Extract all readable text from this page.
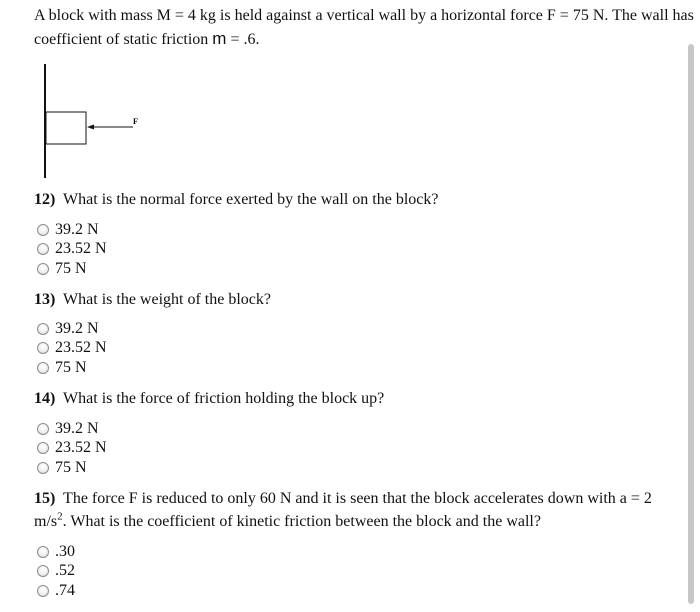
A block with mass M = 4 kg is held against a vertical wall by a horizontal force F = 75 N. The wall has coefficient of static friction m = .6.
F
12) What is the normal force exerted by the wall on the block?
39.2 N
23.52 N
75 N
13) What is the weight of the block?
39.2 N
23.52 N
75 N
14) What is the force of friction holding the block up?
39.2 N
23.52 N
75 N
15) The force F is reduced to only 60 N and it is seen that the block accelerates down with a = 2 $m/s^2$. What is the coefficient of kinetic friction between the block and the wall?
.30
.52
.74
